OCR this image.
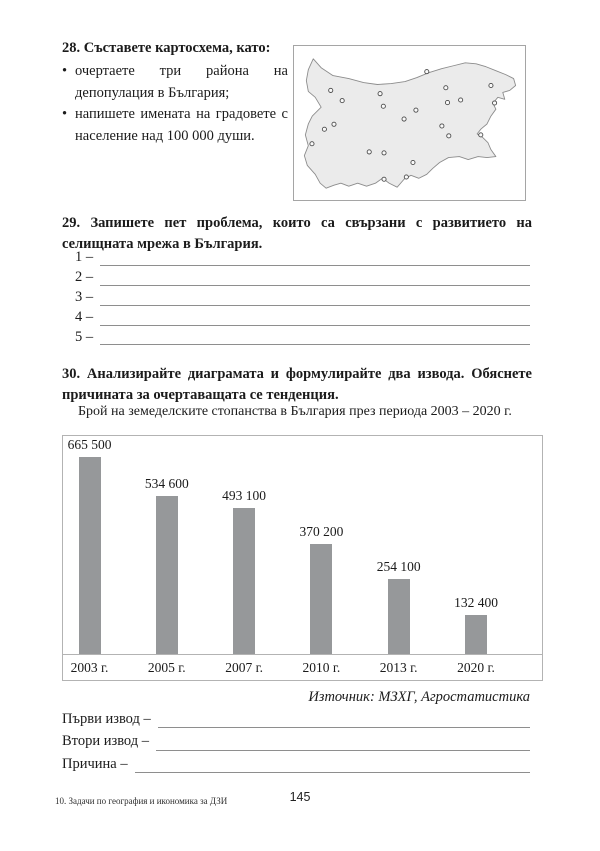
28. Съставете картосхема, като:
• очертаете три района на депопулация в България;
• напишете имената на градовете с население над 100 000 души.
29. Запишете пет проблема, които са свързани с развитието на селищната мрежа в България.
1 –
2 –
3 –
4 –
5 –
30. Анализирайте диаграмата и формулирайте два извода. Обяснете причината за очертаващата се тенденция.
Брой на земеделските стопанства в България през периода 2003 – 2020 г.
665 500
534 600
493 100
370 200
254 100
132 400
2003 г.	2005 г.	2007 г.	2010 г.	2013 г.	2020 г.
Източник: МЗХГ, Агростатистика
Първи извод –
Втори извод –
Причина –
10. Задачи по география и икономика за ДЗИ	145
